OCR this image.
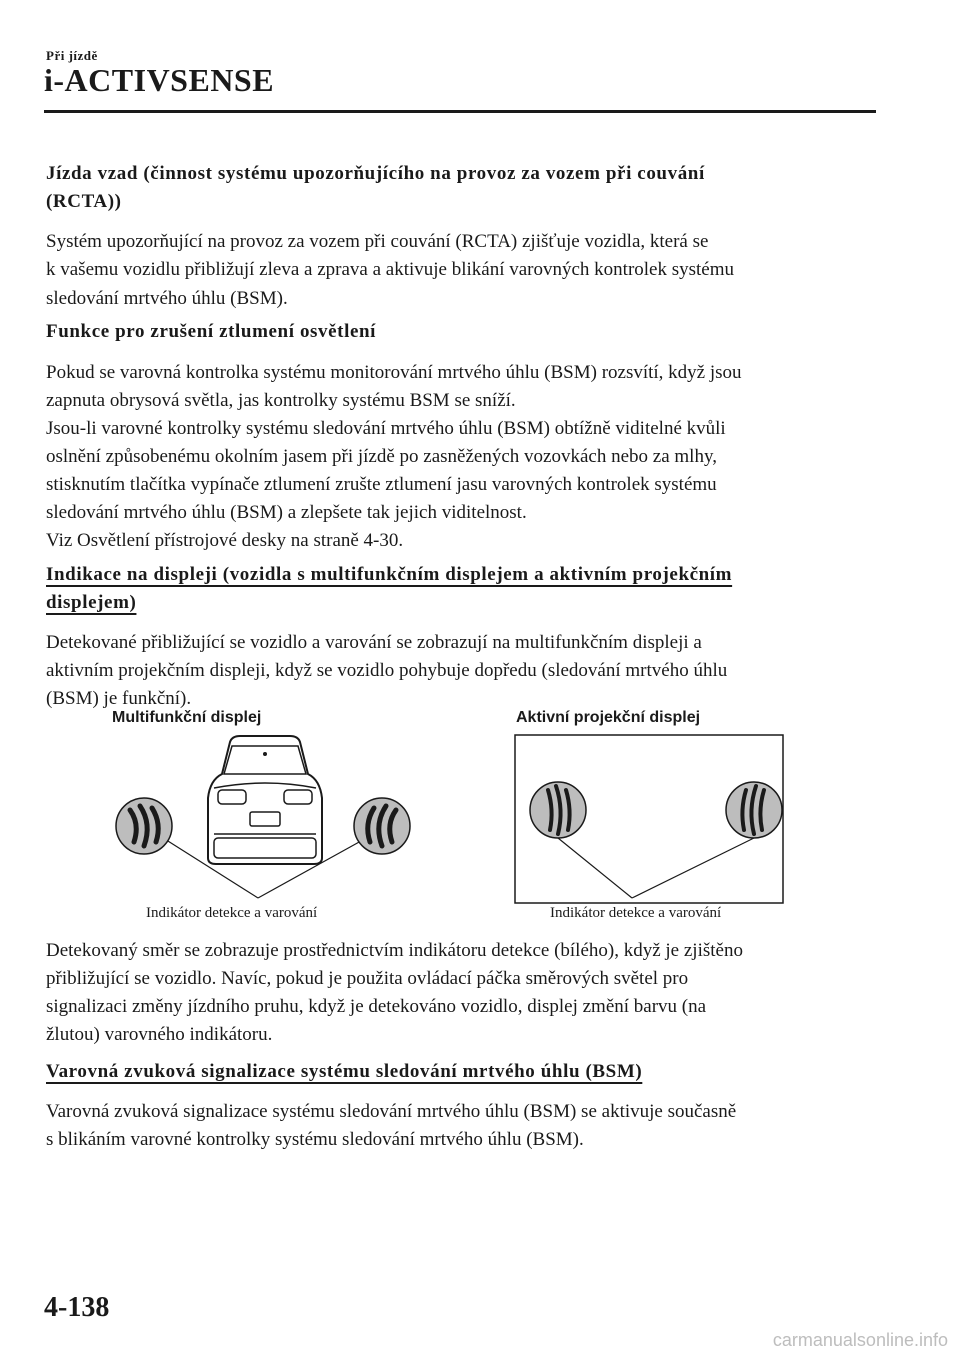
Při jízdě
i-ACTIVSENSE
Jízda vzad (činnost systému upozorňujícího na provoz za vozem při couvání
(RCTA))
Systém upozorňující na provoz za vozem při couvání (RCTA) zjišťuje vozidla, která se
k vašemu vozidlu přibližují zleva a zprava a aktivuje blikání varovných kontrolek systému
sledování mrtvého úhlu (BSM).
Funkce pro zrušení ztlumení osvětlení
Pokud se varovná kontrolka systému monitorování mrtvého úhlu (BSM) rozsvítí, když jsou
zapnuta obrysová světla, jas kontrolky systému BSM se sníží.
Jsou-li varovné kontrolky systému sledování mrtvého úhlu (BSM) obtížně viditelné kvůli
oslnění způsobenému okolním jasem při jízdě po zasněžených vozovkách nebo za mlhy,
stisknutím tlačítka vypínače ztlumení zrušte ztlumení jasu varovných kontrolek systému
sledování mrtvého úhlu (BSM) a zlepšete tak jejich viditelnost.
Viz Osvětlení přístrojové desky na straně 4-30.
Indikace na displeji (vozidla s multifunkčním displejem a aktivním projekčním
displejem)
Detekované přibližující se vozidlo a varování se zobrazují na multifunkčním displeji a
aktivním projekčním displeji, když se vozidlo pohybuje dopředu (sledování mrtvého úhlu
(BSM) je funkční).
Multifunkční displej	Aktivní projekční displej
Indikátor detekce a varování	Indikátor detekce a varování
Detekovaný směr se zobrazuje prostřednictvím indikátoru detekce (bílého), když je zjištěno
přibližující se vozidlo. Navíc, pokud je použita ovládací páčka směrových světel pro
signalizaci změny jízdního pruhu, když je detekováno vozidlo, displej změní barvu (na
žlutou) varovného indikátoru.
Varovná zvuková signalizace systému sledování mrtvého úhlu (BSM)
Varovná zvuková signalizace systému sledování mrtvého úhlu (BSM) se aktivuje současně
s blikáním varovné kontrolky systému sledování mrtvého úhlu (BSM).
4-138
carmanualsonline.info
